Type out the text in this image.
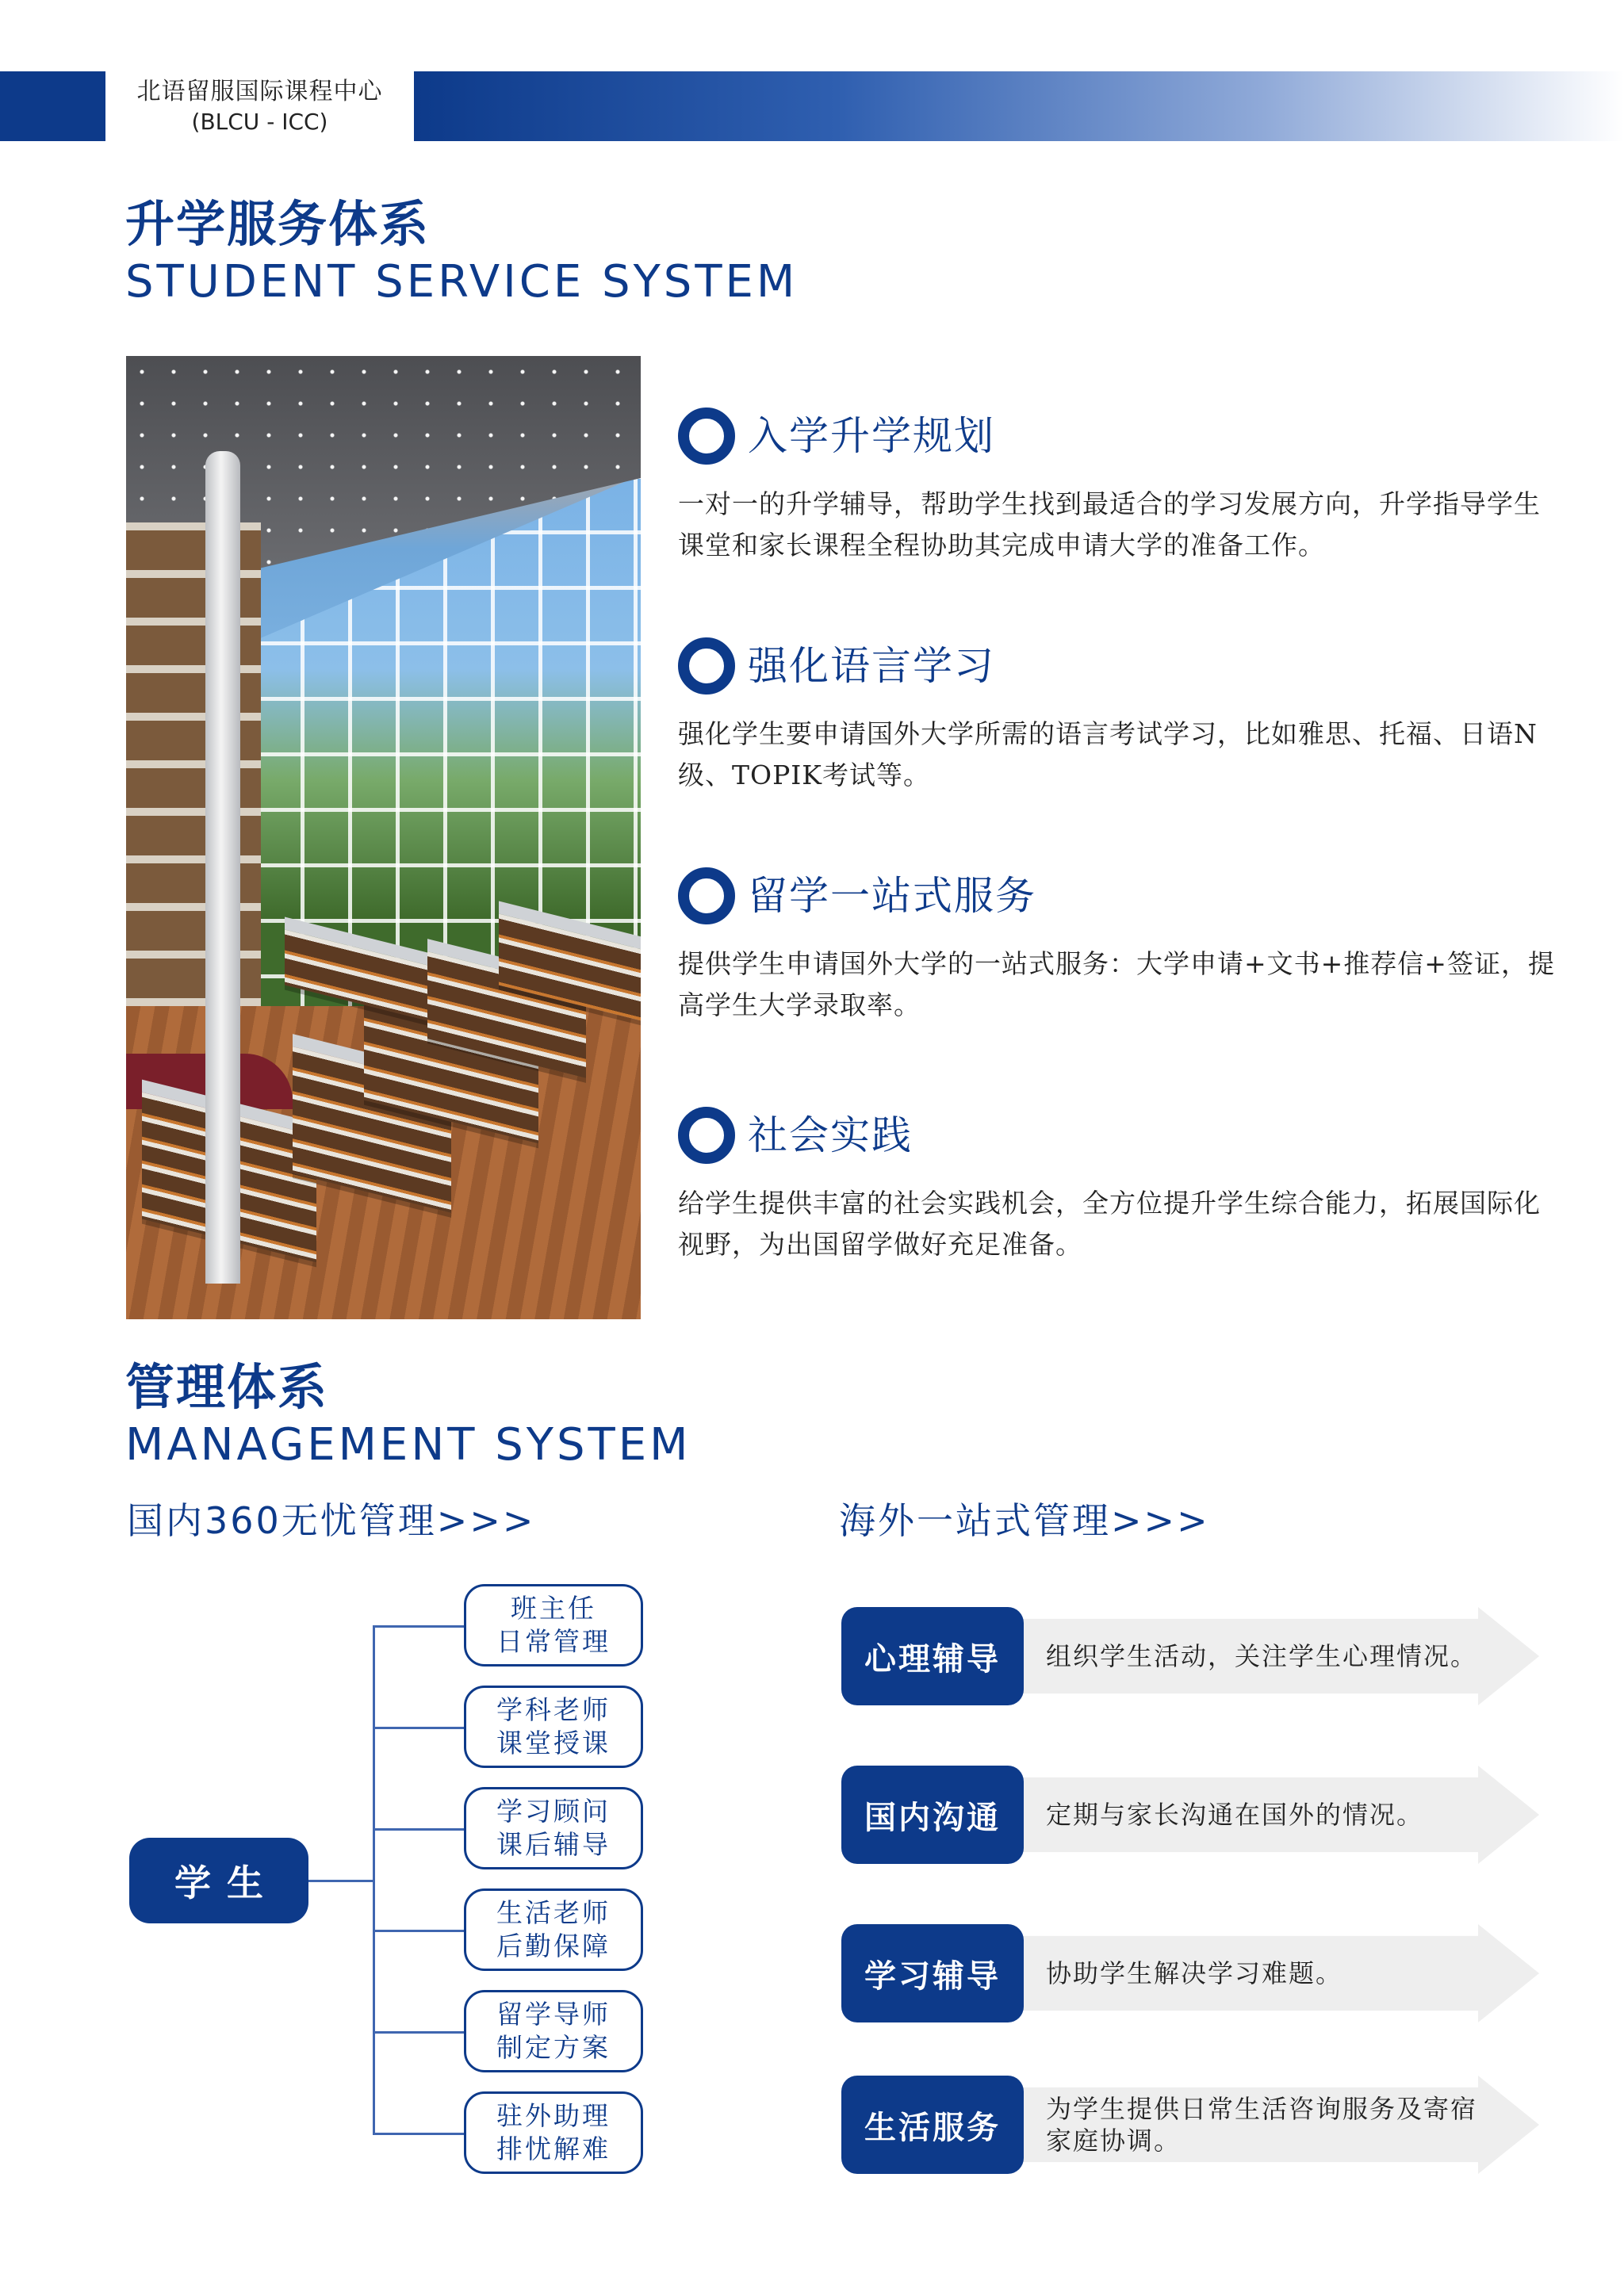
北语留服国际课程中心
(BLCU - ICC)
升学服务体系
STUDENT SERVICE SYSTEM
入学升学规划
一对一的升学辅导，帮助学生找到最适合的学习发展方向，升学指导学生课堂和家长课程全程协助其完成申请大学的准备工作。
强化语言学习
强化学生要申请国外大学所需的语言考试学习，比如雅思、托福、日语N级、TOPIK考试等。
留学一站式服务
提供学生申请国外大学的一站式服务：大学申请+文书+推荐信+签证，提高学生大学录取率。
社会实践
给学生提供丰富的社会实践机会，全方位提升学生综合能力，拓展国际化视野，为出国留学做好充足准备。
管理体系
MANAGEMENT SYSTEM
国内360无忧管理>>>	海外一站式管理>>>
学生
班主任
日常管理
学科老师
课堂授课
学习顾问
课后辅导
生活老师
后勤保障
留学导师
制定方案
驻外助理
排忧解难
心理辅导	组织学生活动，关注学生心理情况。
国内沟通	定期与家长沟通在国外的情况。
学习辅导	协助学生解决学习难题。
生活服务
为学生提供日常生活咨询服务及寄宿家庭协调。
